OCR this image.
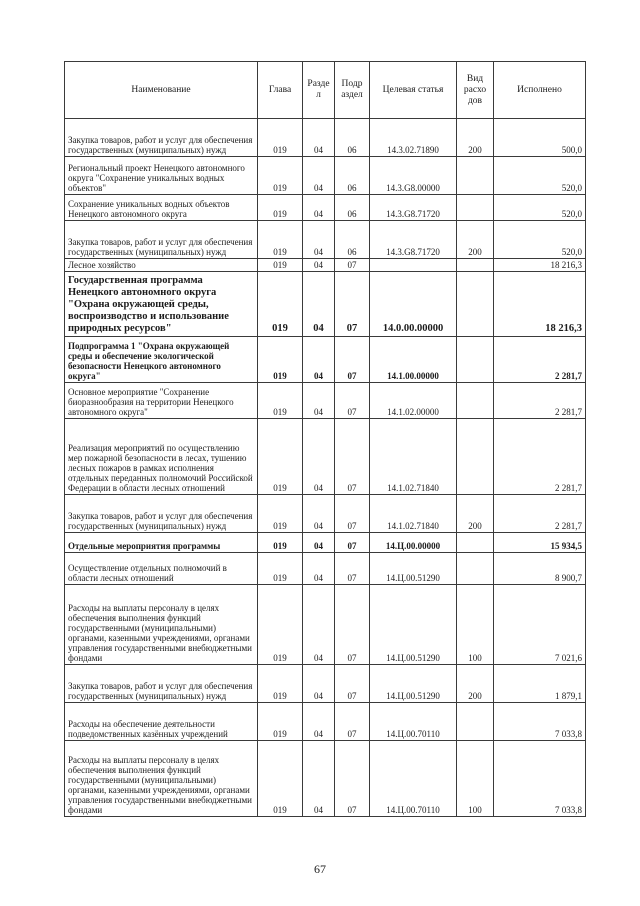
Наименование	Глава	Разде л	Подр аздел	Целевая статья	Вид расхо дов	Исполнено
Закупка товаров, работ и услуг для обеспечения государственных (муниципальных) нужд	019	04	06	14.3.02.71890	200	500,0
Региональный проект Ненецкого автономного округа "Сохранение уникальных водных объектов"	019	04	06	14.3.G8.00000		520,0
Сохранение уникальных водных объектов Ненецкого автономного округа	019	04	06	14.3.G8.71720		520,0
Закупка товаров, работ и услуг для обеспечения государственных (муниципальных) нужд	019	04	06	14.3.G8.71720	200	520,0
Лесное хозяйство	019	04	07			18 216,3
Государственная программа Ненецкого автономного округа "Охрана окружающей среды, воспроизводство и использование природных ресурсов"	019	04	07	14.0.00.00000		18 216,3
Подпрограмма 1 "Охрана окружающей среды и обеспечение экологической безопасности Ненецкого автономного округа"	019	04	07	14.1.00.00000		2 281,7
Основное мероприятие "Сохранение биоразнообразия на территории Ненецкого автономного округа"	019	04	07	14.1.02.00000		2 281,7
Реализация мероприятий по осуществлению мер пожарной безопасности в лесах, тушению лесных пожаров в рамках исполнения отдельных переданных полномочий Российской Федерации в области лесных отношений	019	04	07	14.1.02.71840		2 281,7
Закупка товаров, работ и услуг для обеспечения государственных (муниципальных) нужд	019	04	07	14.1.02.71840	200	2 281,7
Отдельные мероприятия программы	019	04	07	14.Ц.00.00000		15 934,5
Осуществление отдельных полномочий в области лесных отношений	019	04	07	14.Ц.00.51290		8 900,7
Расходы на выплаты персоналу в целях обеспечения выполнения функций государственными (муниципальными) органами, казенными учреждениями, органами управления государственными внебюджетными фондами	019	04	07	14.Ц.00.51290	100	7 021,6
Закупка товаров, работ и услуг для обеспечения государственных (муниципальных) нужд	019	04	07	14.Ц.00.51290	200	1 879,1
Расходы на обеспечение деятельности подведомственных казённых учреждений	019	04	07	14.Ц.00.70110		7 033,8
Расходы на выплаты персоналу в целях обеспечения выполнения функций государственными (муниципальными) органами, казенными учреждениями, органами управления государственными внебюджетными фондами	019	04	07	14.Ц.00.70110	100	7 033,8
67
